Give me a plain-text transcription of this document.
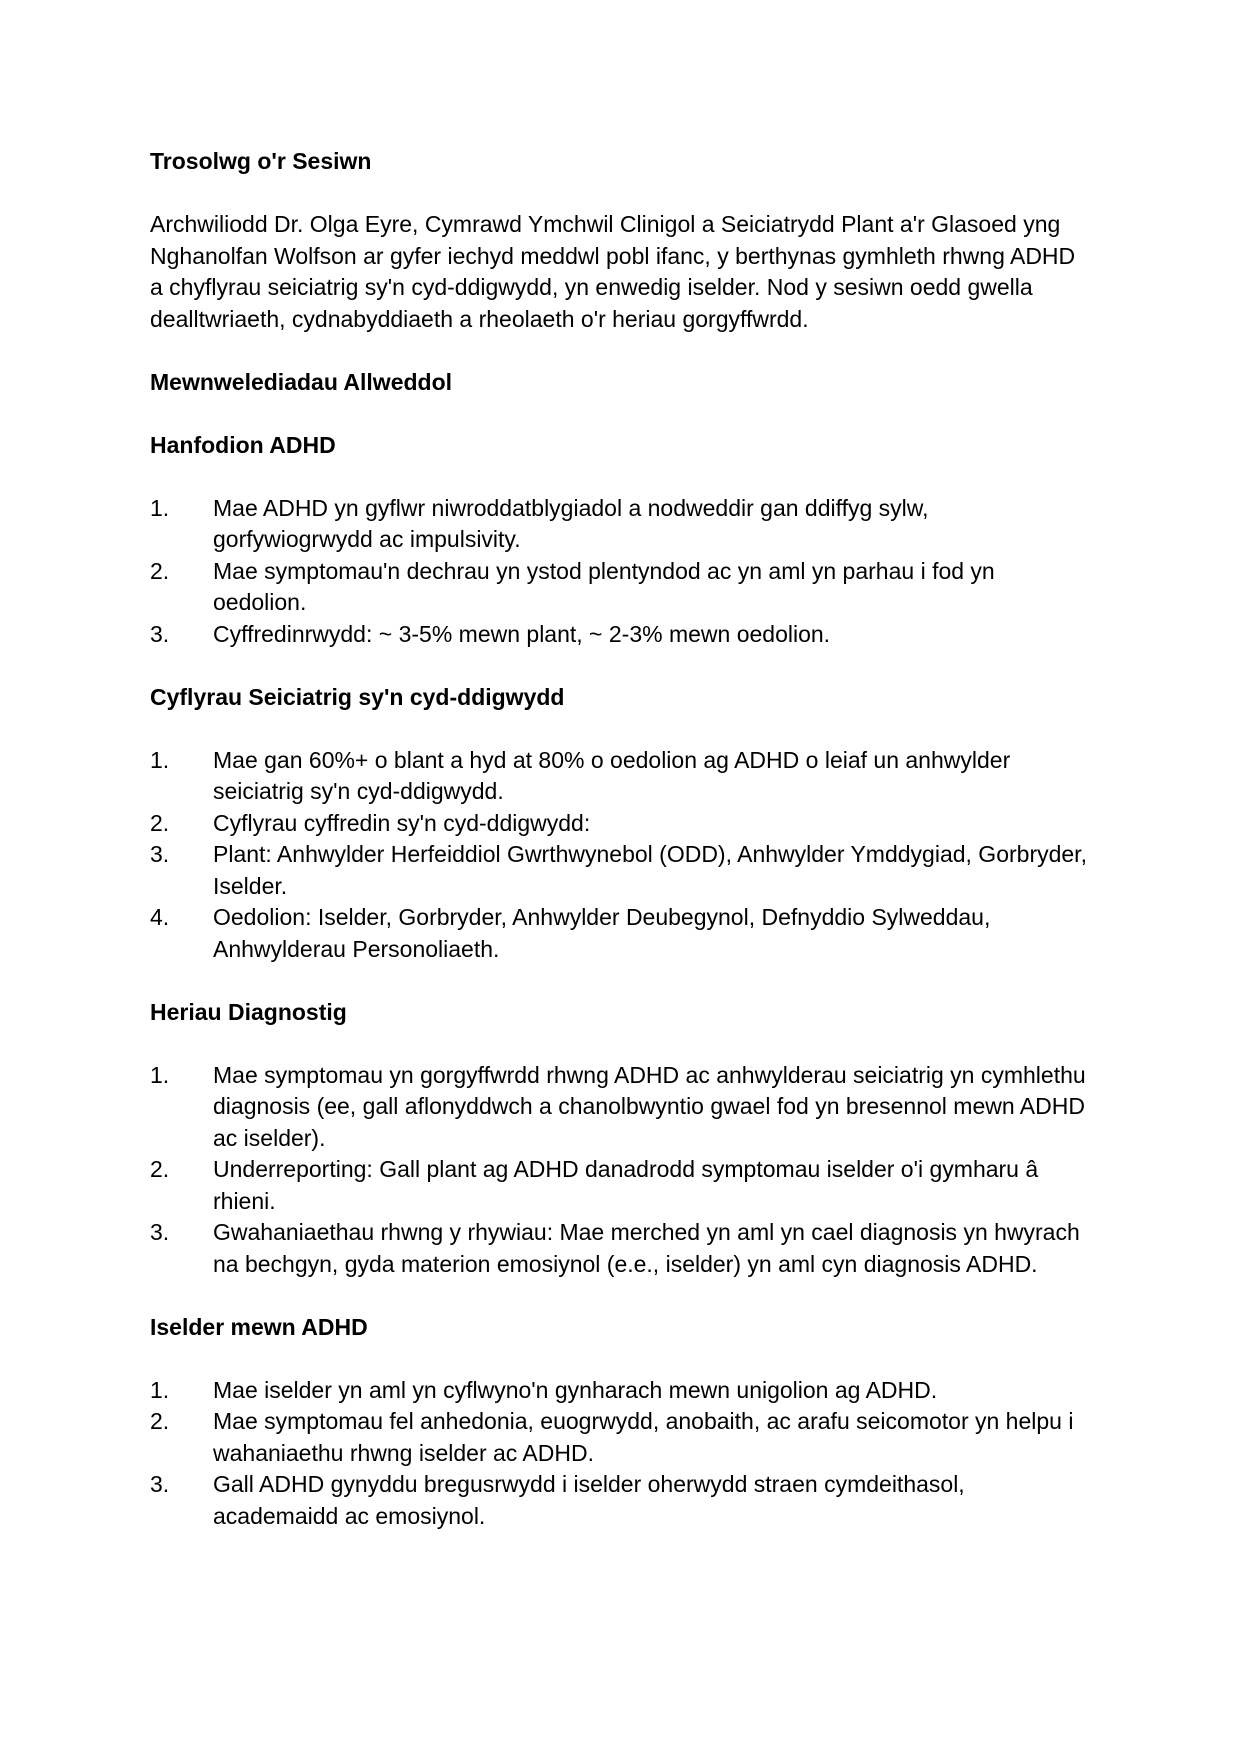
Trosolwg o'r Sesiwn

Archwiliodd Dr. Olga Eyre, Cymrawd Ymchwil Clinigol a Seiciatrydd Plant a'r Glasoed yng Nghanolfan Wolfson ar gyfer iechyd meddwl pobl ifanc, y berthynas gymhleth rhwng ADHD a chyflyrau seiciatrig sy'n cyd-ddigwydd, yn enwedig iselder. Nod y sesiwn oedd gwella dealltwriaeth, cydnabyddiaeth a rheolaeth o'r heriau gorgyffwrdd.

Mewnwelediadau Allweddol
Hanfodion ADHD
1.	Mae ADHD yn gyflwr niwroddatblygiadol a nodweddir gan ddiffyg sylw, gorfywiogrwydd ac impulsivity.
2.	Mae symptomau'n dechrau yn ystod plentyndod ac yn aml yn parhau i fod yn oedolion.
3.	Cyffredinrwydd: ~ 3-5% mewn plant, ~ 2-3% mewn oedolion.
Cyflyrau Seiciatrig sy'n cyd-ddigwydd
1.	Mae gan 60%+ o blant a hyd at 80% o oedolion ag ADHD o leiaf un anhwylder seiciatrig sy'n cyd-ddigwydd.
2.	Cyflyrau cyffredin sy'n cyd-ddigwydd:
3.	Plant: Anhwylder Herfeiddiol Gwrthwynebol (ODD), Anhwylder Ymddygiad, Gorbryder, Iselder.
4.	Oedolion: Iselder, Gorbryder, Anhwylder Deubegynol, Defnyddio Sylweddau, Anhwylderau Personoliaeth.
Heriau Diagnostig
1.	Mae symptomau yn gorgyffwrdd rhwng ADHD ac anhwylderau seiciatrig yn cymhlethu diagnosis (ee, gall aflonyddwch a chanolbwyntio gwael fod yn bresennol mewn ADHD ac iselder).
2.	Underreporting: Gall plant ag ADHD danadrodd symptomau iselder o'i gymharu â rhieni.
3.	Gwahaniaethau rhwng y rhywiau: Mae merched yn aml yn cael diagnosis yn hwyrach na bechgyn, gyda materion emosiynol (e.e., iselder) yn aml cyn diagnosis ADHD.
Iselder mewn ADHD
1.	Mae iselder yn aml yn cyflwyno'n gynharach mewn unigolion ag ADHD.
2.	Mae symptomau fel anhedonia, euogrwydd, anobaith, ac arafu seicomotor yn helpu i wahaniaethu rhwng iselder ac ADHD.
3.	Gall ADHD gynyddu bregusrwydd i iselder oherwydd straen cymdeithasol, academaidd ac emosiynol.
